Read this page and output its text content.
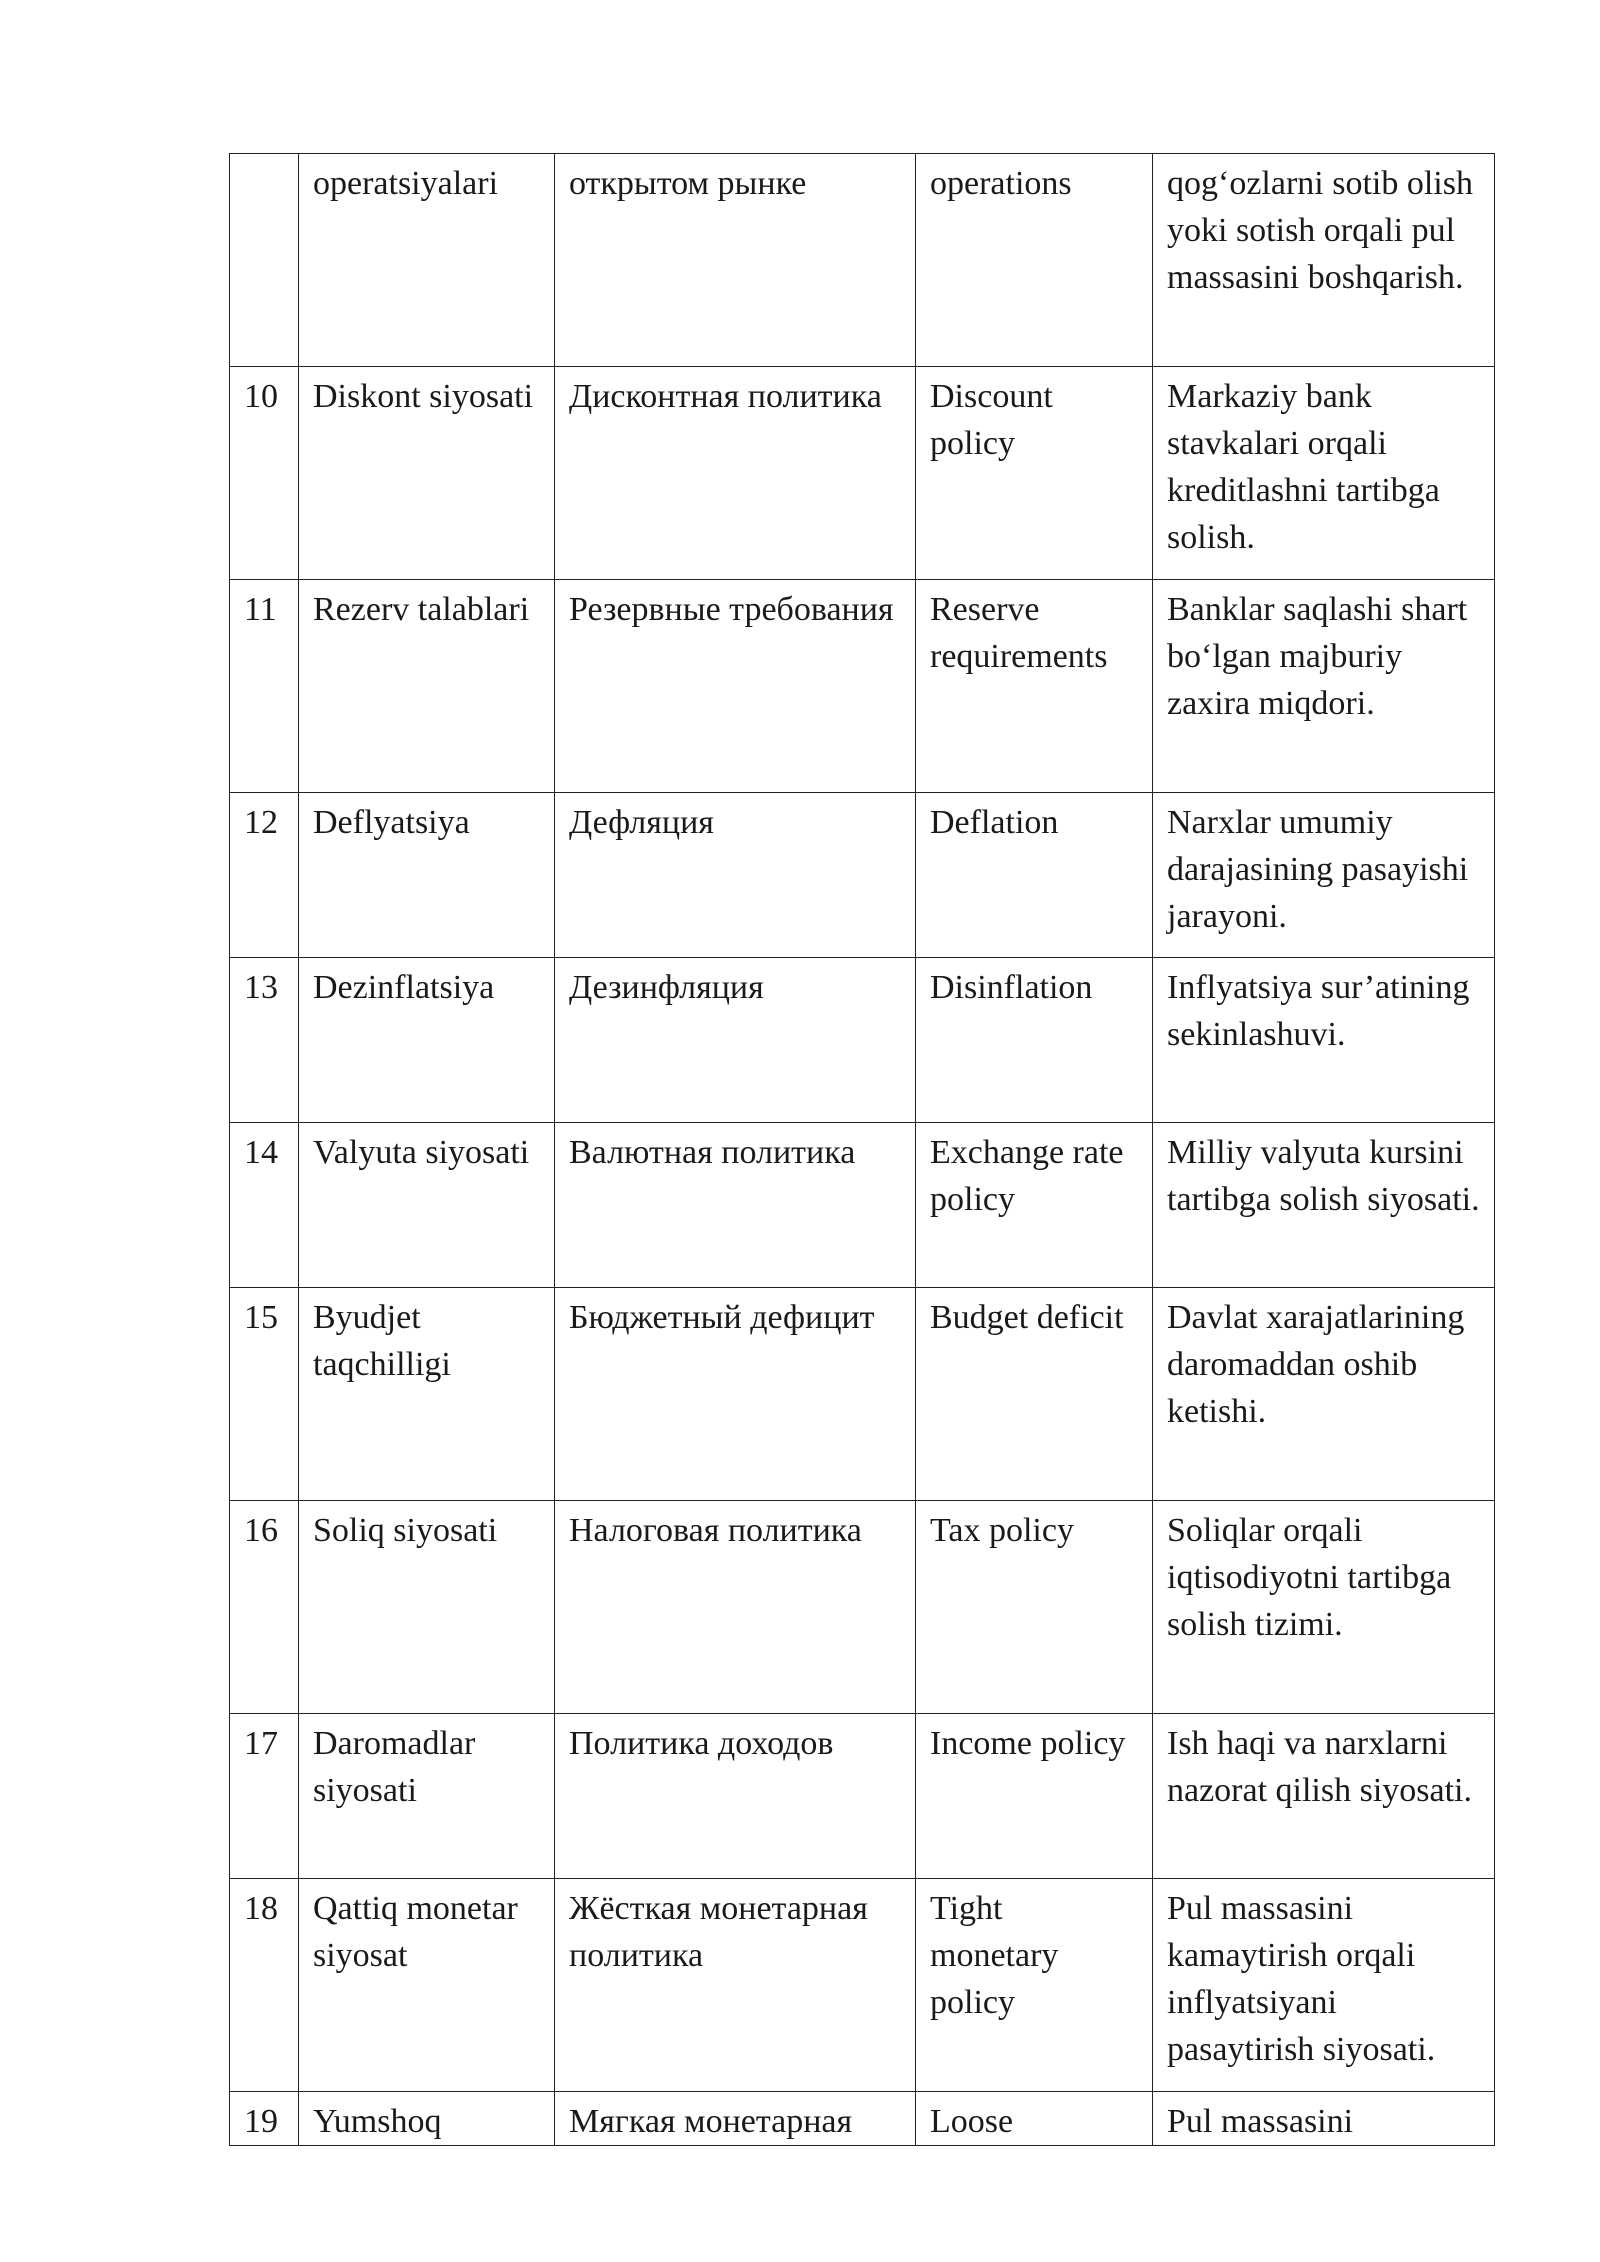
	operatsiyalari	открытом рынке	operations	qog‘ozlarni sotib olish yoki sotish orqali pul massasini boshqarish.
10	Diskont siyosati	Дисконтная политика	Discount policy	Markaziy bank stavkalari orqali kreditlashni tartibga solish.
11	Rezerv talablari	Резервные требования	Reserve requirements	Banklar saqlashi shart bo‘lgan majburiy zaxira miqdori.
12	Deflyatsiya	Дефляция	Deflation	Narxlar umumiy darajasining pasayishi jarayoni.
13	Dezinflatsiya	Дезинфляция	Disinflation	Inflyatsiya sur’atining sekinlashuvi.
14	Valyuta siyosati	Валютная политика	Exchange rate policy	Milliy valyuta kursini tartibga solish siyosati.
15	Byudjet taqchilligi	Бюджетный дефицит	Budget deficit	Davlat xarajatlarining daromaddan oshib ketishi.
16	Soliq siyosati	Налоговая политика	Tax policy	Soliqlar orqali iqtisodiyotni tartibga solish tizimi.
17	Daromadlar siyosati	Политика доходов	Income policy	Ish haqi va narxlarni nazorat qilish siyosati.
18	Qattiq monetar siyosat	Жёсткая монетарная политика	Tight monetary policy	Pul massasini kamaytirish orqali inflyatsiyani pasaytirish siyosati.
19	Yumshoq	Мягкая монетарная	Loose	Pul massasini
